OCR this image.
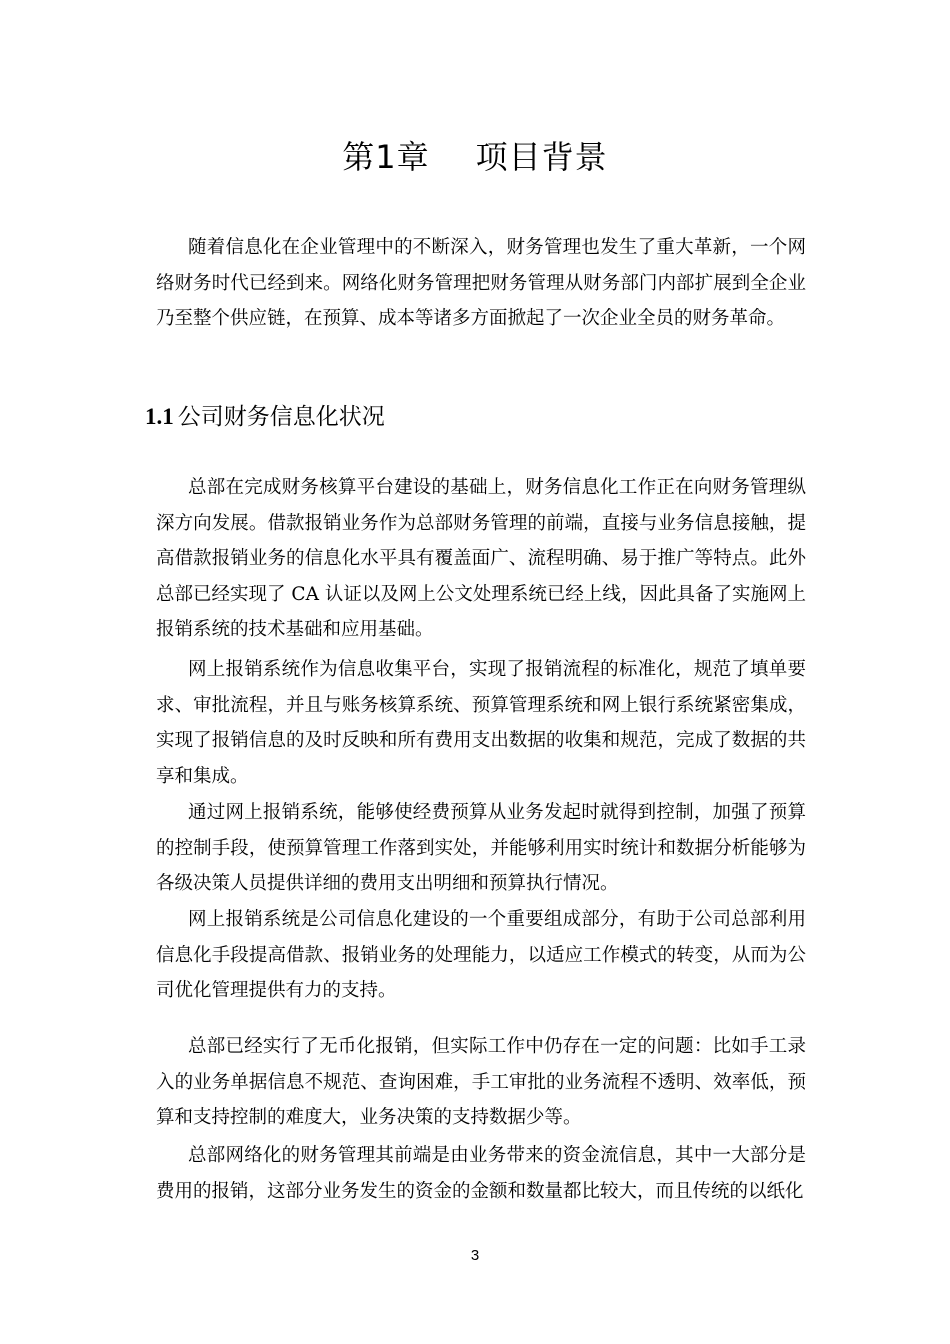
第1章 项目背景

随着信息化在企业管理中的不断深入，财务管理也发生了重大革新，一个网络财务时代已经到来。网络化财务管理把财务管理从财务部门内部扩展到全企业乃至整个供应链，在预算、成本等诸多方面掀起了一次企业全员的财务革命。

1.1 公司财务信息化状况

总部在完成财务核算平台建设的基础上，财务信息化工作正在向财务管理纵深方向发展。借款报销业务作为总部财务管理的前端，直接与业务信息接触，提高借款报销业务的信息化水平具有覆盖面广、流程明确、易于推广等特点。此外总部已经实现了 CA 认证以及网上公文处理系统已经上线，因此具备了实施网上报销系统的技术基础和应用基础。

网上报销系统作为信息收集平台，实现了报销流程的标准化，规范了填单要求、审批流程，并且与账务核算系统、预算管理系统和网上银行系统紧密集成，实现了报销信息的及时反映和所有费用支出数据的收集和规范，完成了数据的共享和集成。

通过网上报销系统，能够使经费预算从业务发起时就得到控制，加强了预算的控制手段，使预算管理工作落到实处，并能够利用实时统计和数据分析能够为各级决策人员提供详细的费用支出明细和预算执行情况。

网上报销系统是公司信息化建设的一个重要组成部分，有助于公司总部利用信息化手段提高借款、报销业务的处理能力，以适应工作模式的转变，从而为公司优化管理提供有力的支持。

总部已经实行了无币化报销，但实际工作中仍存在一定的问题：比如手工录入的业务单据信息不规范、查询困难，手工审批的业务流程不透明、效率低，预算和支持控制的难度大，业务决策的支持数据少等。

总部网络化的财务管理其前端是由业务带来的资金流信息，其中一大部分是费用的报销，这部分业务发生的资金的金额和数量都比较大，而且传统的以纸化

3
